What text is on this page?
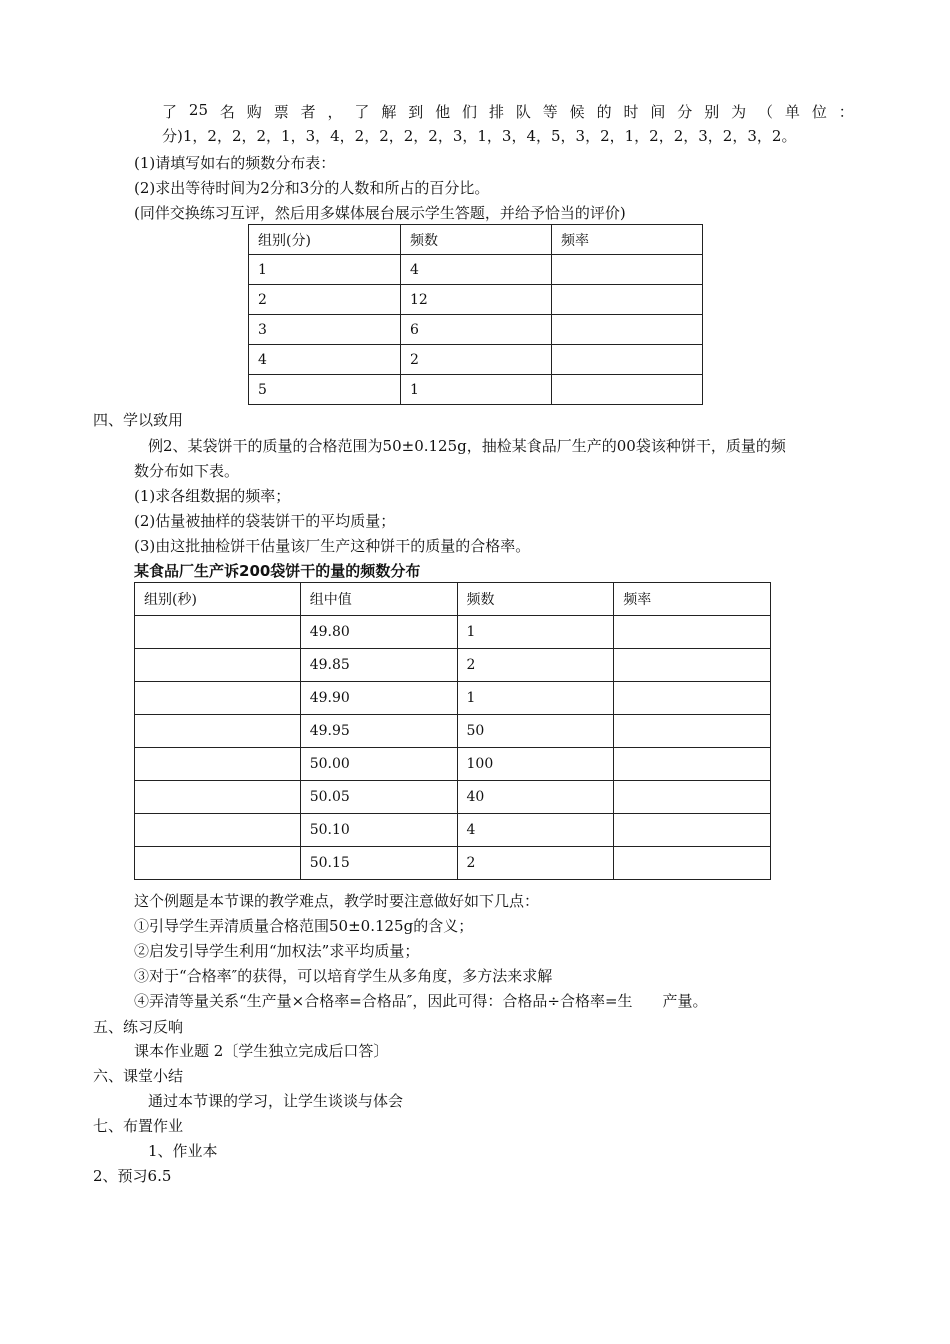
了 25 名 购 票 者 ， 了 解 到 他 们 排 队 等 候 的 时 间 分 别 为 （ 单 位 ：
分)1，2，2，2，1，3，4，2，2，2，2，3，1，3，4，5，3，2，1，2，2，3，2，3，2。
(1)请填写如右的频数分布表：
(2)求出等待时间为2分和3分的人数和所占的百分比。
(同伴交换练习互评，然后用多媒体展台展示学生答题，并给予恰当的评价)
组别(分)	频数	频率
1	4	
2	12	
3	6	
4	2	
5	1	
四、学以致用
例2、某袋饼干的质量的合格范围为50±0.125g，抽检某食品厂生产的00袋该种饼干，质量的频
数分布如下表。
(1)求各组数据的频率；
(2)估量被抽样的袋装饼干的平均质量；
(3)由这批抽检饼干估量该厂生产这种饼干的质量的合格率。
某食品厂生产诉200袋饼干的量的频数分布
组别(秒)	组中值	频数	频率
	49.80	1	
	49.85	2	
	49.90	1	
	49.95	50	
	50.00	100	
	50.05	40	
	50.10	4	
	50.15	2	
这个例题是本节课的教学难点，教学时要注意做好如下几点：
①引导学生弄清质量合格范围50±0.125g的含义；
②启发引导学生利用“加权法”求平均质量；
③对于“合格率″的获得，可以培育学生从多角度，多方法来求解
④弄清等量关系“生产量×合格率=合格品″，因此可得：合格品÷合格率=生　　产量。
五、练习反响
课本作业题 2〔学生独立完成后口答〕
六、课堂小结
通过本节课的学习，让学生谈谈与体会
七、布置作业
1、作业本
2、预习6.5
